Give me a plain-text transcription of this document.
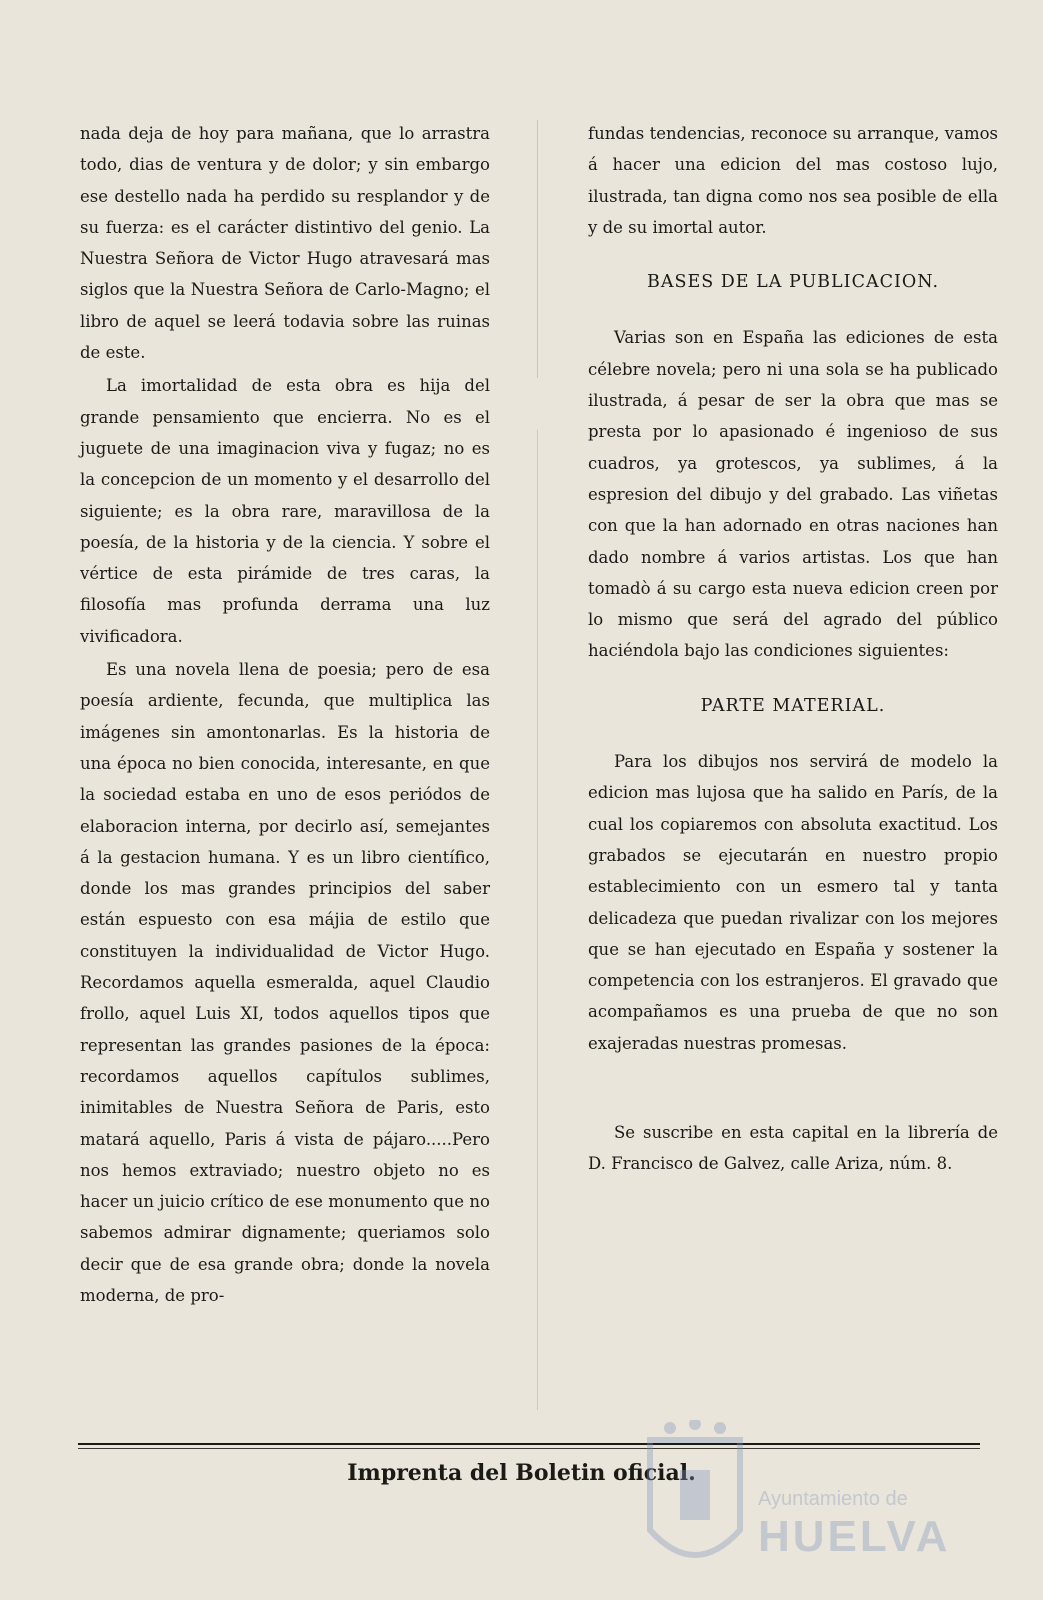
nada deja de hoy para mañana, que lo arrastra todo, dias de ventura y de dolor; y sin embargo ese destello nada ha perdido su resplandor y de su fuerza: es el carácter distintivo del genio. La Nuestra Señora de Victor Hugo atravesará mas siglos que la Nuestra Señora de Carlo-Magno; el libro de aquel se leerá todavia sobre las ruinas de este.

La imortalidad de esta obra es hija del grande pensamiento que encierra. No es el juguete de una imaginacion viva y fugaz; no es la concepcion de un momento y el desarrollo del siguiente; es la obra rare, maravillosa de la poesía, de la historia y de la ciencia. Y sobre el vértice de esta pirámide de tres caras, la filosofía mas profunda derrama una luz vivificadora.

Es una novela llena de poesia; pero de esa poesía ardiente, fecunda, que multiplica las imágenes sin amontonarlas. Es la historia de una época no bien conocida, interesante, en que la sociedad estaba en uno de esos periódos de elaboracion interna, por decirlo así, semejantes á la gestacion humana. Y es un libro científico, donde los mas grandes principios del saber están espuesto con esa májia de estilo que constituyen la individualidad de Victor Hugo. Recordamos aquella esmeralda, aquel Claudio frollo, aquel Luis XI, todos aquellos tipos que representan las grandes pasiones de la época: recordamos aquellos capítulos sublimes, inimitables de Nuestra Señora de Paris, esto matará aquello, Paris á vista de pájaro.....Pero nos hemos extraviado; nuestro objeto no es hacer un juicio crítico de ese monumento que no sabemos admirar dignamente; queriamos solo decir que de esa grande obra; donde la novela moderna, de pro-

fundas tendencias, reconoce su arranque, vamos á hacer una edicion del mas costoso lujo, ilustrada, tan digna como nos sea posible de ella y de su imortal autor.

BASES DE LA PUBLICACION.

Varias son en España las ediciones de esta célebre novela; pero ni una sola se ha publicado ilustrada, á pesar de ser la obra que mas se presta por lo apasionado é ingenioso de sus cuadros, ya grotescos, ya sublimes, á la espresion del dibujo y del grabado. Las viñetas con que la han adornado en otras naciones han dado nombre á varios artistas. Los que han tomadò á su cargo esta nueva edicion creen por lo mismo que será del agrado del público haciéndola bajo las condiciones siguientes:

PARTE MATERIAL.

Para los dibujos nos servirá de modelo la edicion mas lujosa que ha salido en París, de la cual los copiaremos con absoluta exactitud. Los grabados se ejecutarán en nuestro propio establecimiento con un esmero tal y tanta delicadeza que puedan rivalizar con los mejores que se han ejecutado en España y sostener la competencia con los estranjeros. El gravado que acompañamos es una prueba de que no son exajeradas nuestras promesas.

Se suscribe en esta capital en la librería de D. Francisco de Galvez, calle Ariza, núm. 8.

Imprenta del Boletin oficial.
Ayuntamiento de
HUELVA
